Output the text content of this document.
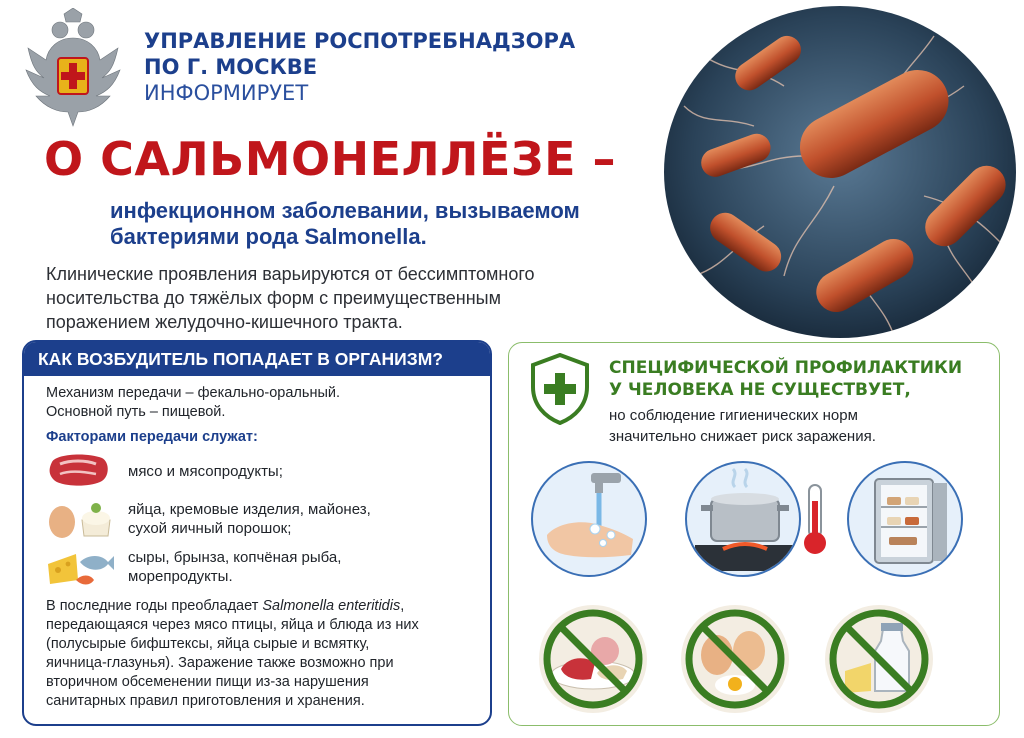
УПРАВЛЕНИЕ РОСПОТРЕБНАДЗОРА
ПО Г. МОСКВЕ
ИНФОРМИРУЕТ
О САЛЬМОНЕЛЛЁЗЕ –
инфекционном заболевании, вызываемом
бактериями рода Salmonella.
Клинические проявления варьируются от бессимптомного
носительства до тяжёлых форм с преимущественным
поражением желудочно-кишечного тракта.
КАК ВОЗБУДИТЕЛЬ ПОПАДАЕТ В ОРГАНИЗМ?
Механизм передачи – фекально-оральный.
Основной путь – пищевой.
Факторами передачи служат:
мясо и мясопродукты;
яйца, кремовые изделия, майонез,
сухой яичный порошок;
сыры, брынза, копчёная рыба,
морепродукты.
В последние годы преобладает Salmonella enteritidis,
передающаяся через мясо птицы, яйца и блюда из них
(полусырые бифштексы, яйца сырые и всмятку,
яичница-глазунья). Заражение также возможно при
вторичном обсеменении пищи из-за нарушения
санитарных правил приготовления и хранения.
СПЕЦИФИЧЕСКОЙ ПРОФИЛАКТИКИ
У ЧЕЛОВЕКА НЕ СУЩЕСТВУЕТ,
но соблюдение гигиенических норм
значительно снижает риск заражения.
